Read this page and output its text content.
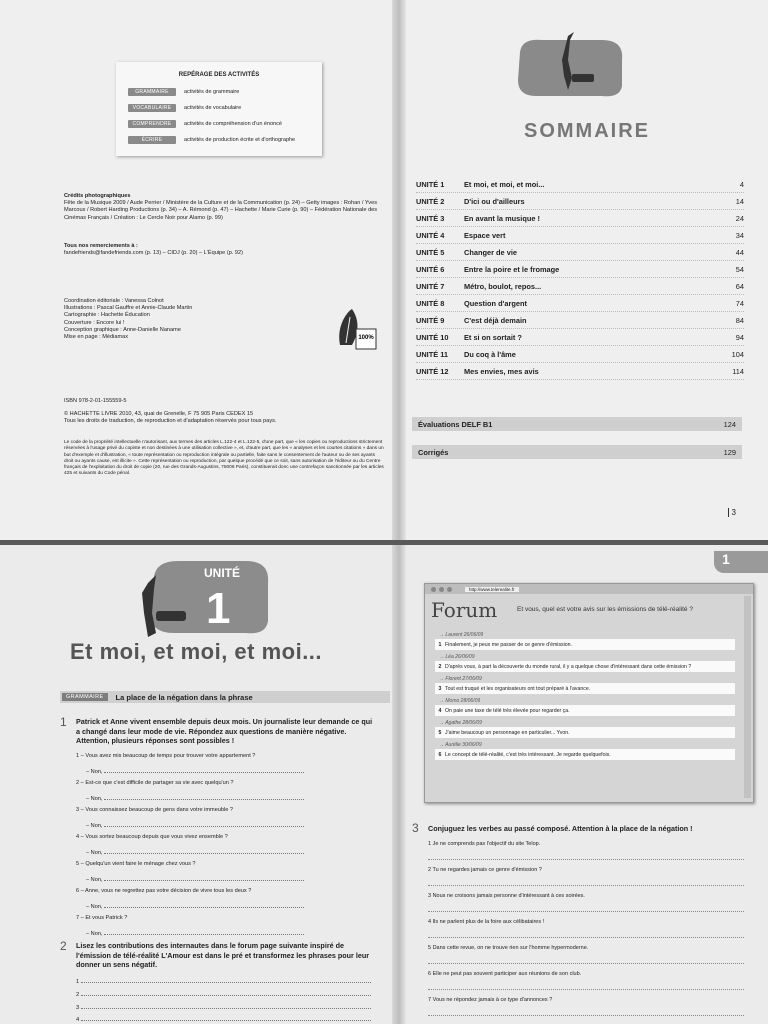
REPÉRAGE DES ACTIVITÉS
GRAMMAIRE	activités de grammaire
VOCABULAIRE	activités de vocabulaire
COMPRENDRE	activités de compréhension d'un énoncé
ÉCRIRE	activités de production écrite et d'orthographe
Crédits photographiques
Fête de la Musique 2009 / Aude Perrier / Ministère de la Culture et de la Communication (p. 24) – Getty images : Rohan / Yves Marcoux / Robert Harding Productions (p. 34) – A. Rémond (p. 47) – Hachette / Marie Curie (p. 90) – Fédération Nationale des Cinémas Français / Création : Le Cercle Noir pour Alamo (p. 99)
Tous nos remerciements à :
fandefriends@fandefriends.com (p. 13) – CIDJ (p. 20) – L'Équipe (p. 92)
Coordination éditoriale : Vanessa Colnot
Illustrations : Pascal Gauffre et Annie-Claude Martin
Cartographie : Hachette Éducation
Couverture : Encore lui !
Conception graphique : Anne-Danielle Naname
Mise en page : Médiamax	100%
ISBN 978-2-01-155559-5
© HACHETTE LIVRE 2010, 43, quai de Grenelle, F 75 905 Paris CEDEX 15
Tous les droits de traduction, de reproduction et d'adaptation réservés pour tous pays.
Le code de la propriété intellectuelle n'autorisant, aux termes des articles L.122-4 et L.122-5, d'une part, que « les copies ou reproductions strictement réservées à l'usage privé du copiste et non destinées à une utilisation collective », et, d'autre part, que les « analyses et les courtes citations » dans un but d'exemple et d'illustration, « toute représentation ou reproduction intégrale ou partielle, faite sans le consentement de l'auteur ou de ses ayants droit ou ayants cause, est illicite ». Cette représentation ou reproduction, par quelque procédé que ce soit, sans autorisation de l'éditeur ou du Centre français de l'exploitation du droit de copie (20, rue des Grands-Augustins, 75006 Paris), constituerait donc une contrefaçon sanctionnée par les articles 425 et suivants du Code pénal.
SOMMAIRE
UNITÉ 1	Et moi, et moi, et moi...	4
UNITÉ 2	D'ici ou d'ailleurs	14
UNITÉ 3	En avant la musique !	24
UNITÉ 4	Espace vert	34
UNITÉ 5	Changer de vie	44
UNITÉ 6	Entre la poire et le fromage	54
UNITÉ 7	Métro, boulot, repos...	64
UNITÉ 8	Question d'argent	74
UNITÉ 9	C'est déjà demain	84
UNITÉ 10	Et si on sortait ?	94
UNITÉ 11	Du coq à l'âme	104
UNITÉ 12	Mes envies, mes avis	114
Évaluations DELF B1	124
Corrigés	129
3
UNITÉ
1
Et moi, et moi, et moi...
GRAMMAIRE	La place de la négation dans la phrase
1 Patrick et Anne vivent ensemble depuis deux mois. Un journaliste leur demande ce qui a changé dans leur mode de vie. Répondez aux questions de manière négative. Attention, plusieurs réponses sont possibles !
1 – Vous avez mis beaucoup de temps pour trouver votre appartement ?
– Non,
2 – Est-ce que c'est difficile de partager sa vie avec quelqu'un ?
– Non,
3 – Vous connaissez beaucoup de gens dans votre immeuble ?
– Non,
4 – Vous sortez beaucoup depuis que vous vivez ensemble ?
– Non,
5 – Quelqu'un vient faire le ménage chez vous ?
– Non,
6 – Anne, vous ne regrettez pas votre décision de vivre tous les deux ?
– Non,
7 – Et vous Patrick ?
– Non,
2 Lisez les contributions des internautes dans le forum page suivante inspiré de l'émission de télé-réalité L'Amour est dans le pré et transformez les phrases pour leur donner un sens négatif.
1
2
3
4
1
http://www.telerealite.fr
Forum	Et vous, quel est votre avis sur les émissions de télé-réalité ?
→ Laurent 26/06/09
1 Finalement, je peux me passer de ce genre d'émission.
→ Léa 26/06/09
2 D'après vous, à part la découverte du monde rural, il y a quelque chose d'intéressant dans cette émission ?
→ Florent 27/06/09
3 Tout est truqué et les organisateurs ont tout préparé à l'avance.
→ Momo 28/06/09
4 On paie une taxe de télé très élevée pour regarder ça.
→ Agathe 28/06/09
5 J'aime beaucoup un personnage en particulier... Yvon.
→ Aurélie 30/06/09
6 Le concept de télé-réalité, c'est très intéressant. Je regarde quelquefois.
3 Conjuguez les verbes au passé composé. Attention à la place de la négation !
1 Je ne comprends pas l'objectif du site Telop.
2 Tu ne regardes jamais ce genre d'émission ?
3 Nous ne croisons jamais personne d'intéressant à ces soirées.
4 Ils ne parlent plus de la foire aux célibataires !
5 Dans cette revue, on ne trouve rien sur l'homme hypermoderne.
6 Elle ne peut pas souvent participer aux réunions de son club.
7 Vous ne répondez jamais à ce type d'annonces ?
